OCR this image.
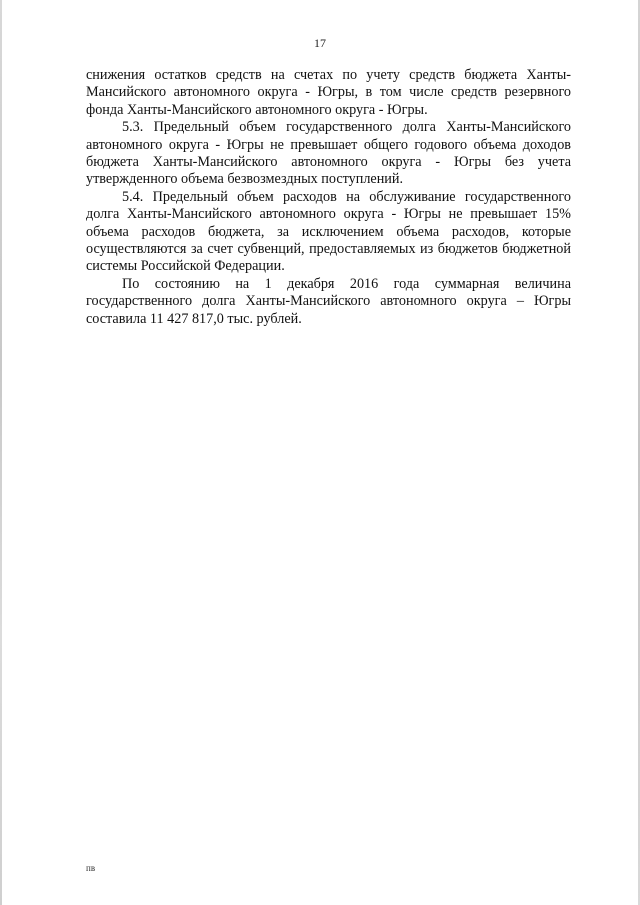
17

снижения остатков средств на счетах по учету средств бюджета Ханты-Мансийского автономного округа - Югры, в том числе средств резервного фонда Ханты-Мансийского автономного округа - Югры.

5.3. Предельный объем государственного долга Ханты-Мансийского автономного округа - Югры не превышает общего годового объема доходов бюджета Ханты-Мансийского автономного округа - Югры без учета утвержденного объема безвозмездных поступлений.

5.4. Предельный объем расходов на обслуживание государственного долга Ханты-Мансийского автономного округа - Югры не превышает 15% объема расходов бюджета, за исключением объема расходов, которые осуществляются за счет субвенций, предоставляемых из бюджетов бюджетной системы Российской Федерации.

По состоянию на 1 декабря 2016 года суммарная величина государственного долга Ханты-Мансийского автономного округа – Югры составила 11 427 817,0 тыс. рублей.

пв
